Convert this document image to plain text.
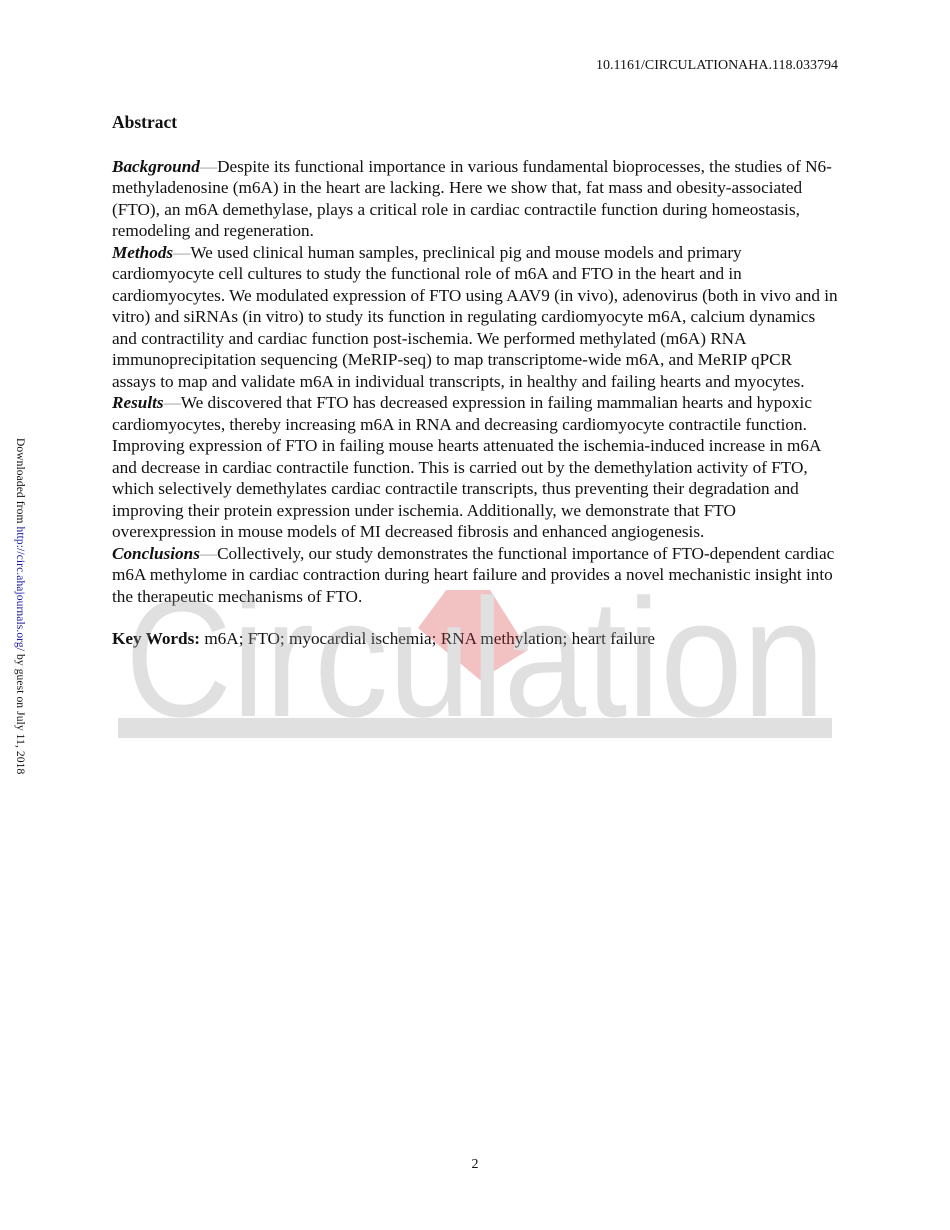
10.1161/CIRCULATIONAHA.118.033794
Downloaded from http://circ.ahajournals.org/ by guest on July 11, 2018
Abstract

Background—Despite its functional importance in various fundamental bioprocesses, the studies of N6-methyladenosine (m6A) in the heart are lacking. Here we show that, fat mass and obesity-associated (FTO), an m6A demethylase, plays a critical role in cardiac contractile function during homeostasis, remodeling and regeneration.

Methods—We used clinical human samples, preclinical pig and mouse models and primary cardiomyocyte cell cultures to study the functional role of m6A and FTO in the heart and in cardiomyocytes. We modulated expression of FTO using AAV9 (in vivo), adenovirus (both in vivo and in vitro) and siRNAs (in vitro) to study its function in regulating cardiomyocyte m6A, calcium dynamics and contractility and cardiac function post-ischemia. We performed methylated (m6A) RNA immunoprecipitation sequencing (MeRIP-seq) to map transcriptome-wide m6A, and MeRIP qPCR assays to map and validate m6A in individual transcripts, in healthy and failing hearts and myocytes.

Results—We discovered that FTO has decreased expression in failing mammalian hearts and hypoxic cardiomyocytes, thereby increasing m6A in RNA and decreasing cardiomyocyte contractile function. Improving expression of FTO in failing mouse hearts attenuated the ischemia-induced increase in m6A and decrease in cardiac contractile function. This is carried out by the demethylation activity of FTO, which selectively demethylates cardiac contractile transcripts, thus preventing their degradation and improving their protein expression under ischemia. Additionally, we demonstrate that FTO overexpression in mouse models of MI decreased fibrosis and enhanced angiogenesis.

Conclusions—Collectively, our study demonstrates the functional importance of FTO-dependent cardiac m6A methylome in cardiac contraction during heart failure and provides a novel mechanistic insight into the therapeutic mechanisms of FTO.

Key Words: m6A; FTO; myocardial ischemia; RNA methylation; heart failure

Circulation
2
